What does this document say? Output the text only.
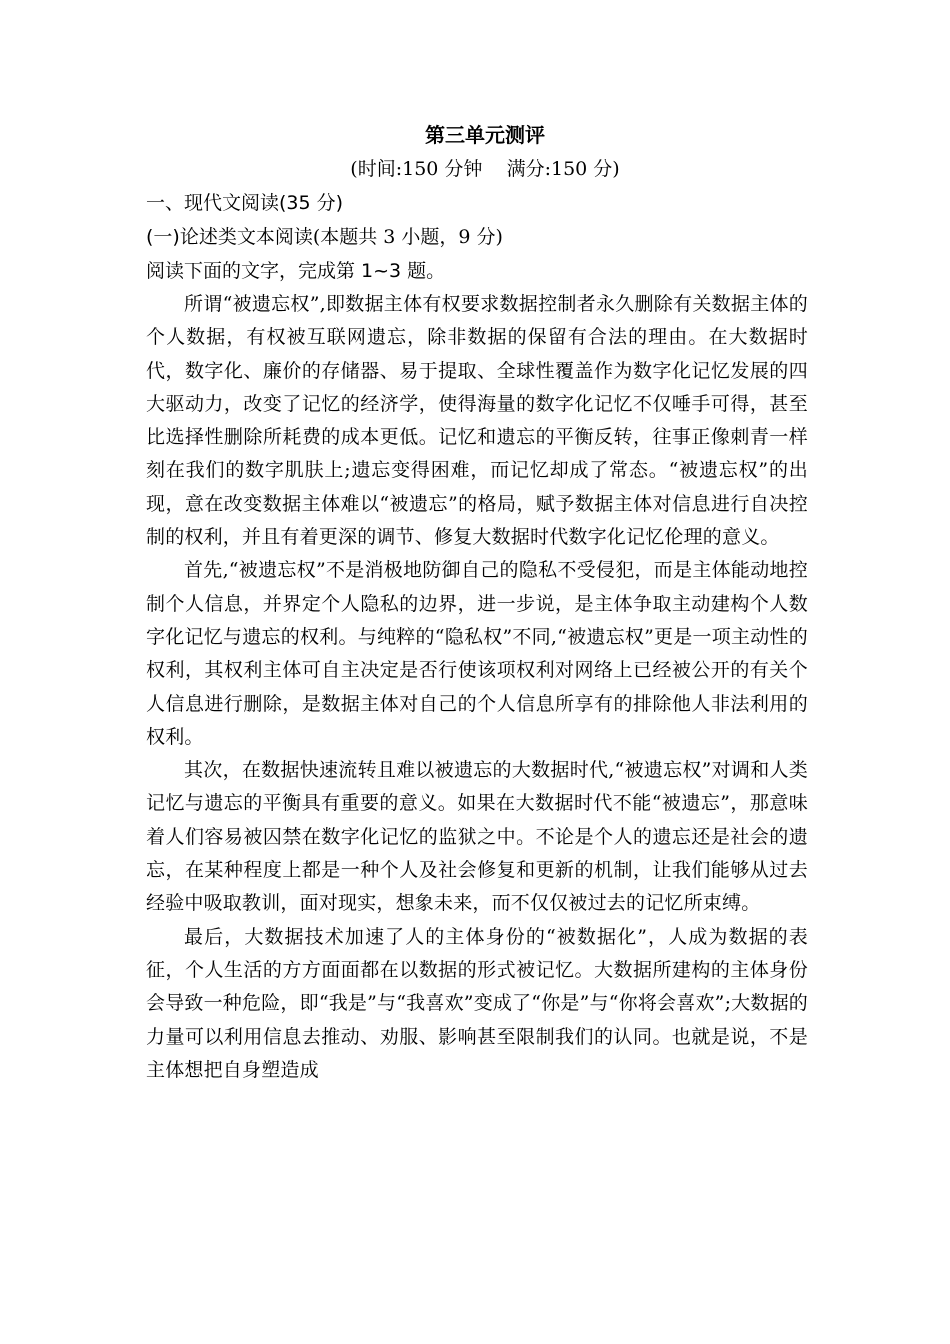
第三单元测评
(时间:150 分钟    满分:150 分)
一、现代文阅读(35 分)
(一)论述类文本阅读(本题共 3 小题，9 分)
阅读下面的文字，完成第 1~3 题。

所谓“被遗忘权”,即数据主体有权要求数据控制者永久删除有关数据主体的个人数据，有权被互联网遗忘，除非数据的保留有合法的理由。在大数据时代，数字化、廉价的存储器、易于提取、全球性覆盖作为数字化记忆发展的四大驱动力，改变了记忆的经济学，使得海量的数字化记忆不仅唾手可得，甚至比选择性删除所耗费的成本更低。记忆和遗忘的平衡反转，往事正像刺青一样刻在我们的数字肌肤上;遗忘变得困难，而记忆却成了常态。“被遗忘权”的出现，意在改变数据主体难以“被遗忘”的格局，赋予数据主体对信息进行自决控制的权利，并且有着更深的调节、修复大数据时代数字化记忆伦理的意义。

首先,“被遗忘权”不是消极地防御自己的隐私不受侵犯，而是主体能动地控制个人信息，并界定个人隐私的边界，进一步说，是主体争取主动建构个人数字化记忆与遗忘的权利。与纯粹的“隐私权”不同,“被遗忘权”更是一项主动性的权利，其权利主体可自主决定是否行使该项权利对网络上已经被公开的有关个人信息进行删除，是数据主体对自己的个人信息所享有的排除他人非法利用的权利。

其次，在数据快速流转且难以被遗忘的大数据时代,“被遗忘权”对调和人类记忆与遗忘的平衡具有重要的意义。如果在大数据时代不能“被遗忘”，那意味着人们容易被囚禁在数字化记忆的监狱之中。不论是个人的遗忘还是社会的遗忘，在某种程度上都是一种个人及社会修复和更新的机制，让我们能够从过去经验中吸取教训，面对现实，想象未来，而不仅仅被过去的记忆所束缚。

最后，大数据技术加速了人的主体身份的“被数据化”，人成为数据的表征，个人生活的方方面面都在以数据的形式被记忆。大数据所建构的主体身份会导致一种危险，即“我是”与“我喜欢”变成了“你是”与“你将会喜欢”;大数据的力量可以利用信息去推动、劝服、影响甚至限制我们的认同。也就是说，不是主体想把自身塑造成
